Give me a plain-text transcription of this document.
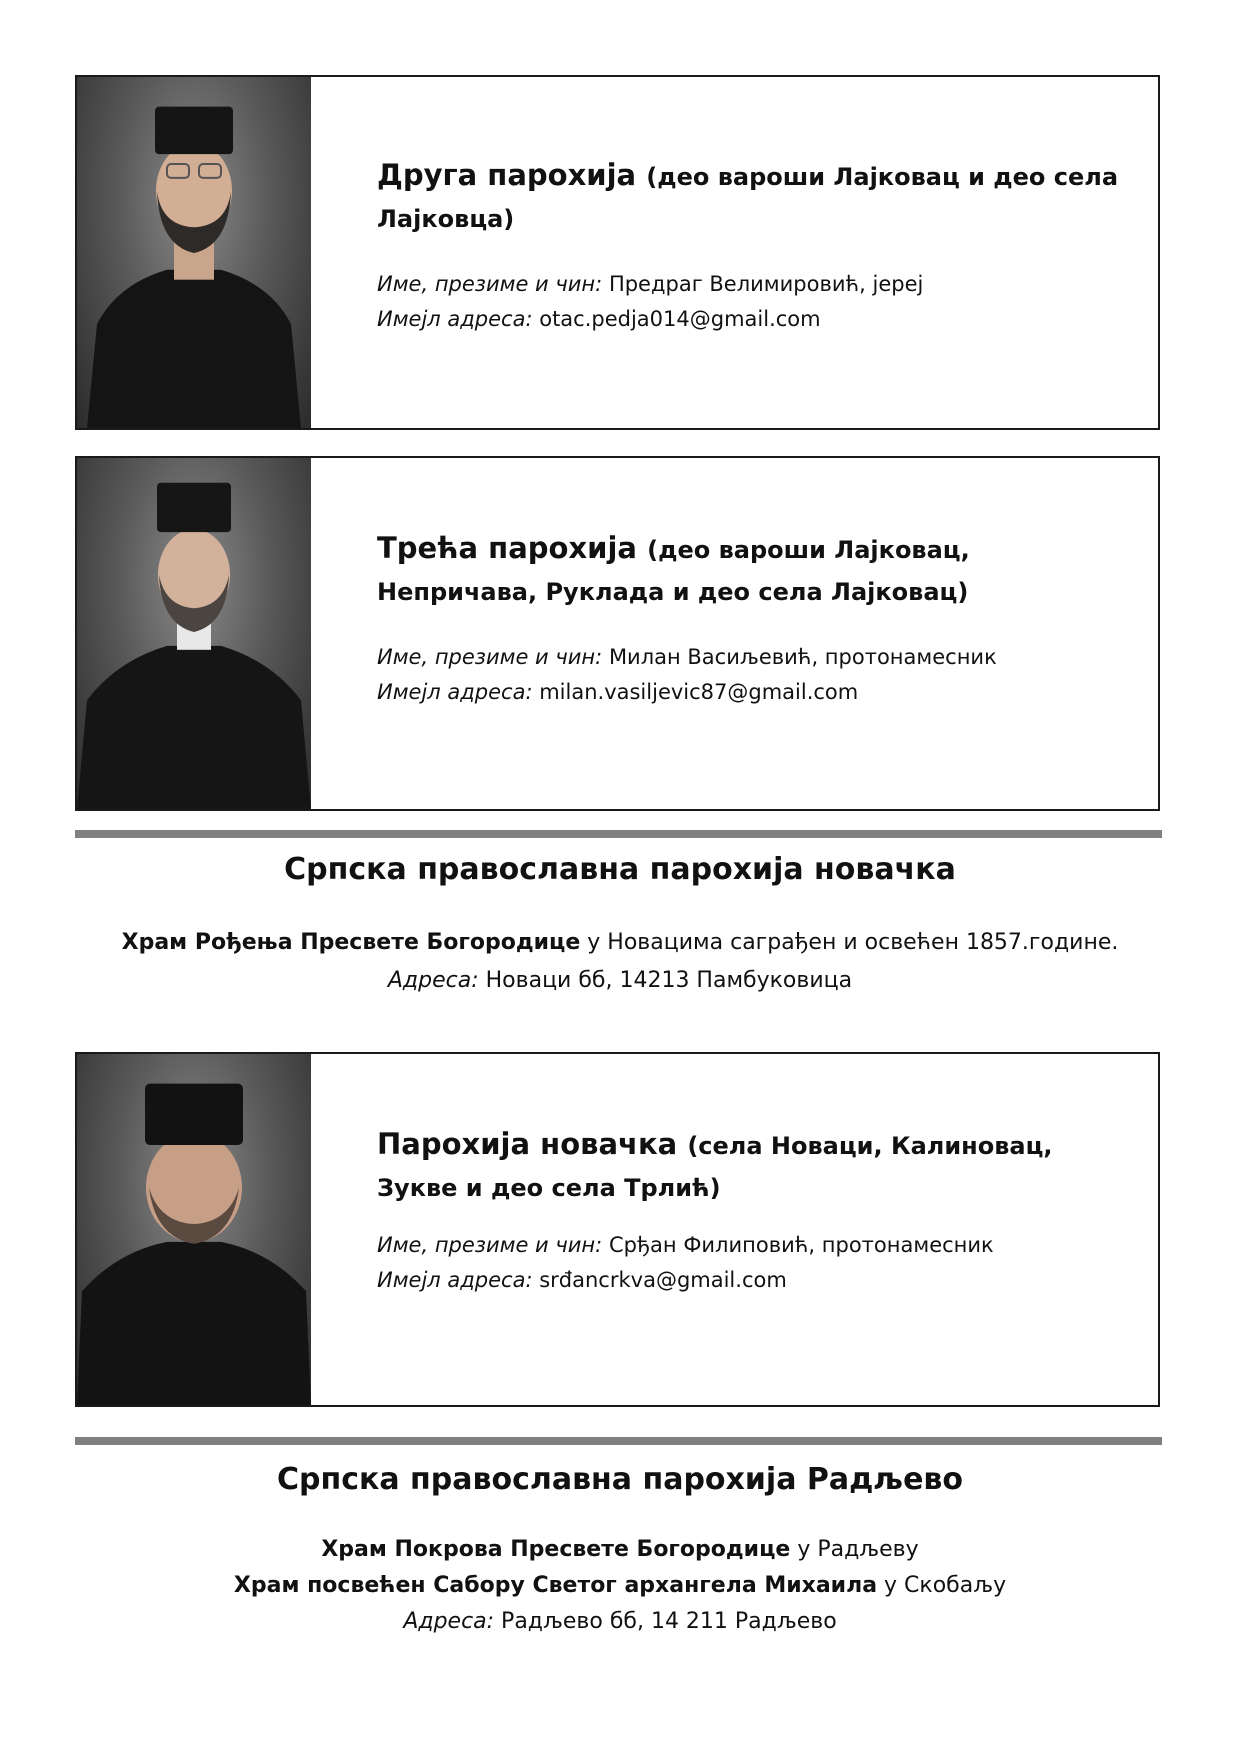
Друга парохија (део вароши Лајковац и део села Лајковца)
Име, презиме и чин: Предраг Велимировић, јереј
Имејл адреса: otac.pedja014@gmail.com
Трећа парохија (део вароши Лајковац, Непричава, Руклада и део села Лајковац)
Име, презиме и чин: Милан Васиљевић, протонамесник
Имејл адреса: milan.vasiljevic87@gmail.com
Српска православна парохија новачка
Храм Рођења Пресвете Богородице у Новацима саграђен и освећен 1857.године.
Адреса: Новаци бб, 14213 Памбуковица
Парохија новачка (села Новаци, Калиновац, Зукве и део села Трлић)
Име, презиме и чин: Срђан Филиповић, протонамесник
Имејл адреса: srđancrkva@gmail.com
Српска православна парохија Радљево
Храм Покрова Пресвете Богородице у Радљеву
Храм посвећен Сабору Светог архангела Михаила у Скобаљу
Адреса: Радљево бб, 14 211 Радљево
